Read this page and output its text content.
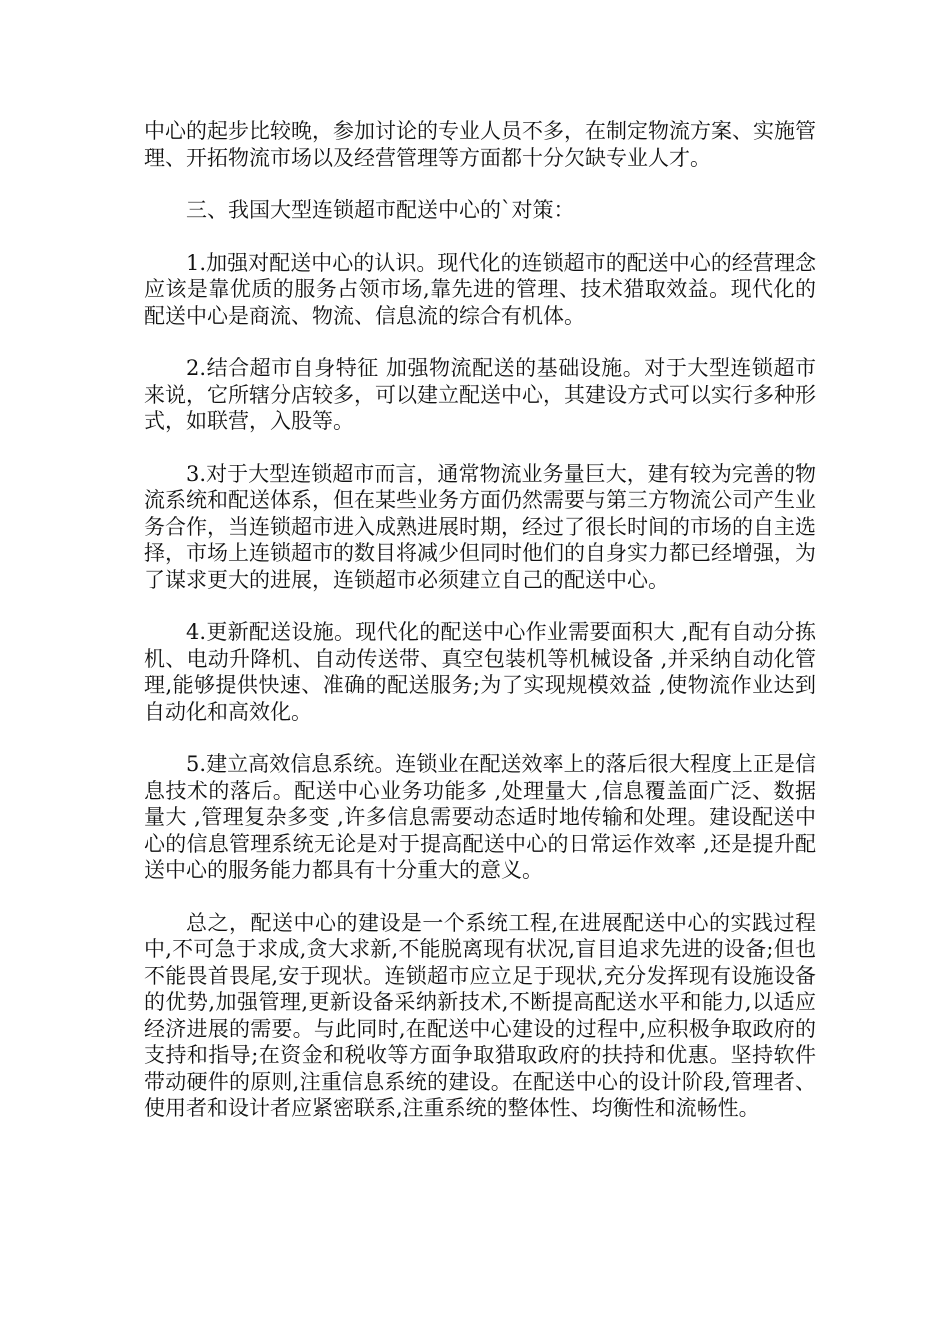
中心的起步比较晚，参加讨论的专业人员不多，在制定物流方案、实施管理、开拓物流市场以及经营管理等方面都十分欠缺专业人才。

三、我国大型连锁超市配送中心的`对策：

1.加强对配送中心的认识。现代化的连锁超市的配送中心的经营理念应该是靠优质的服务占领市场,靠先进的管理、技术猎取效益。现代化的配送中心是商流、物流、信息流的综合有机体。

2.结合超市自身特征 加强物流配送的基础设施。对于大型连锁超市来说，它所辖分店较多，可以建立配送中心，其建设方式可以实行多种形式，如联营，入股等。

3.对于大型连锁超市而言，通常物流业务量巨大，建有较为完善的物流系统和配送体系，但在某些业务方面仍然需要与第三方物流公司产生业务合作，当连锁超市进入成熟进展时期，经过了很长时间的市场的自主选择，市场上连锁超市的数目将减少但同时他们的自身实力都已经增强，为了谋求更大的进展，连锁超市必须建立自己的配送中心。

4.更新配送设施。现代化的配送中心作业需要面积大 ,配有自动分拣机、电动升降机、自动传送带、真空包装机等机械设备 ,并采纳自动化管理,能够提供快速、准确的配送服务;为了实现规模效益 ,使物流作业达到自动化和高效化。

5.建立高效信息系统。连锁业在配送效率上的落后很大程度上正是信息技术的落后。配送中心业务功能多 ,处理量大 ,信息覆盖面广泛、数据量大 ,管理复杂多变 ,许多信息需要动态适时地传输和处理。建设配送中心的信息管理系统无论是对于提高配送中心的日常运作效率 ,还是提升配送中心的服务能力都具有十分重大的意义。

总之，配送中心的建设是一个系统工程,在进展配送中心的实践过程中,不可急于求成,贪大求新,不能脱离现有状况,盲目追求先进的设备;但也不能畏首畏尾,安于现状。连锁超市应立足于现状,充分发挥现有设施设备的优势,加强管理,更新设备采纳新技术,不断提高配送水平和能力,以适应经济进展的需要。与此同时,在配送中心建设的过程中,应积极争取政府的支持和指导;在资金和税收等方面争取猎取政府的扶持和优惠。坚持软件带动硬件的原则,注重信息系统的建设。在配送中心的设计阶段,管理者、使用者和设计者应紧密联系,注重系统的整体性、均衡性和流畅性。
